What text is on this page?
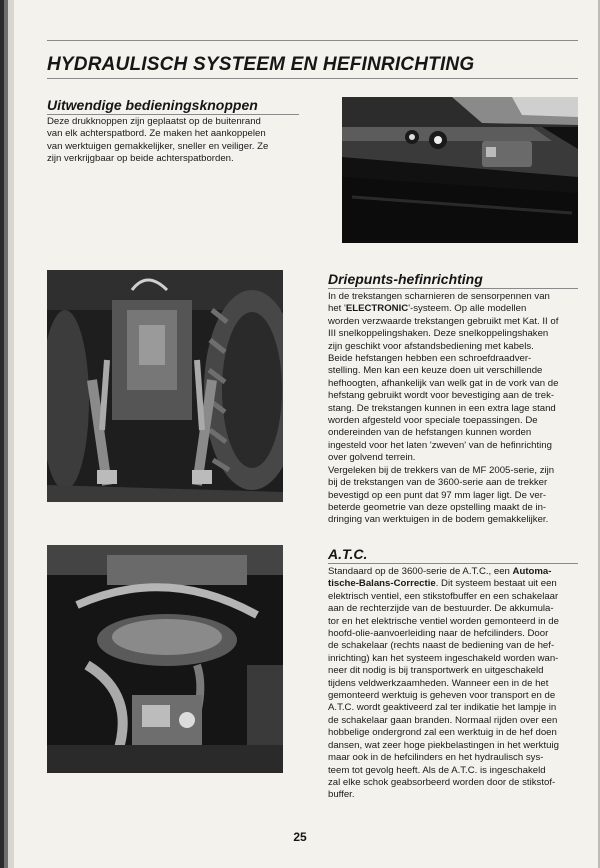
HYDRAULISCH SYSTEEM EN HEFINRICHTING
Uitwendige bedieningsknoppen

Deze drukknoppen zijn geplaatst op de buitenrand
van elk achterspatbord. Ze maken het aankoppelen
van werktuigen gemakkelijker, sneller en veiliger. Ze
zijn verkrijgbaar op beide achterspatborden.

Driepunts-hefinrichting

In de trekstangen scharnieren de sensorpennen van
het 'ELECTRONIC'-systeem. Op alle modellen
worden verzwaarde trekstangen gebruikt met Kat. II of
III snelkoppelingshaken. Deze snelkoppelingshaken
zijn geschikt voor afstandsbediening met kabels.
Beide hefstangen hebben een schroefdraadver-
stelling. Men kan een keuze doen uit verschillende
hefhoogten, afhankelijk van welk gat in de vork van de
hefstang gebruikt wordt voor bevestiging aan de trek-
stang. De trekstangen kunnen in een extra lage stand
worden afgesteld voor speciale toepassingen. De
ondereinden van de hefstangen kunnen worden
ingesteld voor het laten 'zweven' van de hefinrichting
over golvend terrein.
Vergeleken bij de trekkers van de MF 2005-serie, zijn
bij de trekstangen van de 3600-serie aan de trekker
bevestigd op een punt dat 97 mm lager ligt. De ver-
beterde geometrie van deze opstelling maakt de in-
dringing van werktuigen in de bodem gemakkelijker.

A.T.C.

Standaard op de 3600-serie de A.T.C., een Automa-
tische-Balans-Correctie. Dit systeem bestaat uit een
elektrisch ventiel, een stikstofbuffer en een schakelaar
aan de rechterzijde van de bestuurder. De akkumula-
tor en het elektrische ventiel worden gemonteerd in de
hoofd-olie-aanvoerleiding naar de hefcilinders. Door
de schakelaar (rechts naast de bediening van de hef-
inrichting) kan het systeem ingeschakeld worden wan-
neer dit nodig is bij transportwerk en uitgeschakeld
tijdens veldwerkzaamheden. Wanneer een in de het
gemonteerd werktuig is geheven voor transport en de
A.T.C. wordt geaktiveerd zal ter indikatie het lampje in
de schakelaar gaan branden. Normaal rijden over een
hobbelige ondergrond zal een werktuig in de hef doen
dansen, wat zeer hoge piekbelastingen in het werktuig
maar ook in de hefcilinders en het hydraulisch sys-
teem tot gevolg heeft. Als de A.T.C. is ingeschakeld
zal elke schok geabsorbeerd worden door de stikstof-
buffer.

25
